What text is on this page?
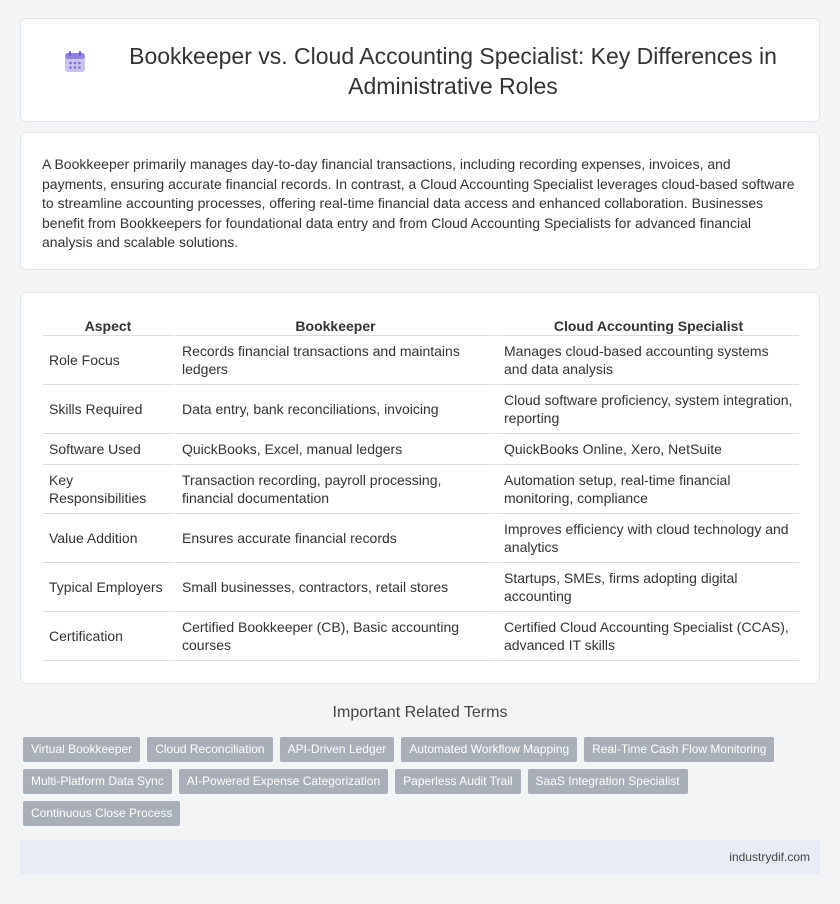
Bookkeeper vs. Cloud Accounting Specialist: Key Differences in Administrative Roles

A Bookkeeper primarily manages day-to-day financial transactions, including recording expenses, invoices, and payments, ensuring accurate financial records. In contrast, a Cloud Accounting Specialist leverages cloud-based software to streamline accounting processes, offering real-time financial data access and enhanced collaboration. Businesses benefit from Bookkeepers for foundational data entry and from Cloud Accounting Specialists for advanced financial analysis and scalable solutions.

Aspect	Bookkeeper	Cloud Accounting Specialist
Role Focus	Records financial transactions and maintains ledgers	Manages cloud-based accounting systems and data analysis
Skills Required	Data entry, bank reconciliations, invoicing	Cloud software proficiency, system integration, reporting
Software Used	QuickBooks, Excel, manual ledgers	QuickBooks Online, Xero, NetSuite
Key Responsibilities	Transaction recording, payroll processing, financial documentation	Automation setup, real-time financial monitoring, compliance
Value Addition	Ensures accurate financial records	Improves efficiency with cloud technology and analytics
Typical Employers	Small businesses, contractors, retail stores	Startups, SMEs, firms adopting digital accounting
Certification	Certified Bookkeeper (CB), Basic accounting courses	Certified Cloud Accounting Specialist (CCAS), advanced IT skills
Important Related Terms
Virtual Bookkeeper	Cloud Reconciliation	API-Driven Ledger	Automated Workflow Mapping	Real-Time Cash Flow Monitoring
Multi-Platform Data Sync	AI-Powered Expense Categorization	Paperless Audit Trail	SaaS Integration Specialist
Continuous Close Process
industrydif.com
